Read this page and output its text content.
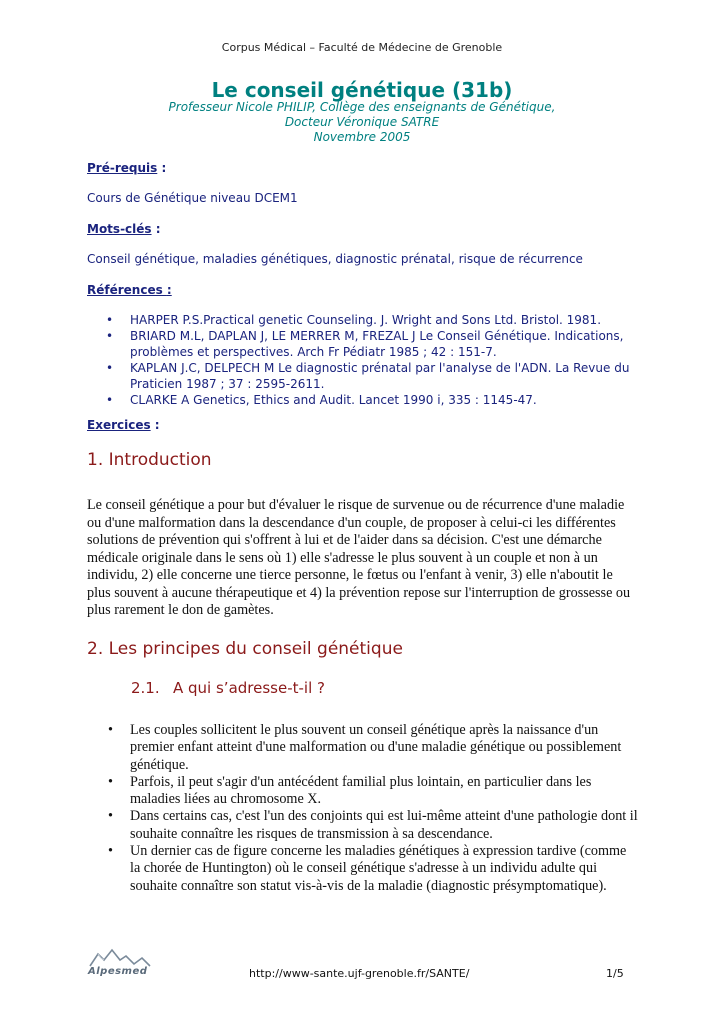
Corpus Médical – Faculté de Médecine de Grenoble
Le conseil génétique (31b)
Professeur Nicole PHILIP, Collège des enseignants de Génétique,
Docteur Véronique SATRE
Novembre 2005
Pré-requis :
Cours de Génétique niveau DCEM1
Mots-clés :
Conseil génétique, maladies génétiques, diagnostic prénatal, risque de récurrence
Références :
• HARPER P.S.Practical genetic Counseling. J. Wright and Sons Ltd. Bristol. 1981.
• BRIARD M.L, DAPLAN J, LE MERRER M, FREZAL J Le Conseil Génétique. Indications, problèmes et perspectives. Arch Fr Pédiatr 1985 ; 42 : 151-7.
• KAPLAN J.C, DELPECH M Le diagnostic prénatal par l'analyse de l'ADN. La Revue du Praticien 1987 ; 37 : 2595-2611.
• CLARKE A Genetics, Ethics and Audit. Lancet 1990 i, 335 : 1145-47.
Exercices :
1. Introduction

Le conseil génétique a pour but d'évaluer le risque de survenue ou de récurrence d'une maladie ou d'une malformation dans la descendance d'un couple, de proposer à celui-ci les différentes solutions de prévention qui s'offrent à lui et de l'aider dans sa décision. C'est une démarche médicale originale dans le sens où 1) elle s'adresse le plus souvent à un couple et non à un individu, 2) elle concerne une tierce personne, le fœtus ou l'enfant à venir, 3) elle n'aboutit le plus souvent à aucune thérapeutique et 4) la prévention repose sur l'interruption de grossesse ou plus rarement le don de gamètes.

2. Les principes du conseil génétique
2.1. A qui s’adresse-t-il ?
• Les couples sollicitent le plus souvent un conseil génétique après la naissance d'un premier enfant atteint d'une malformation ou d'une maladie génétique ou possiblement génétique.
• Parfois, il peut s'agir d'un antécédent familial plus lointain, en particulier dans les maladies liées au chromosome X.
• Dans certains cas, c'est l'un des conjoints qui est lui-même atteint d'une pathologie dont il souhaite connaître les risques de transmission à sa descendance.
• Un dernier cas de figure concerne les maladies génétiques à expression tardive (comme la chorée de Huntington) où le conseil génétique s'adresse à un individu adulte qui souhaite connaître son statut vis-à-vis de la maladie (diagnostic présymptomatique).
Alpesmed	http://www-sante.ujf-grenoble.fr/SANTE/	1/5
